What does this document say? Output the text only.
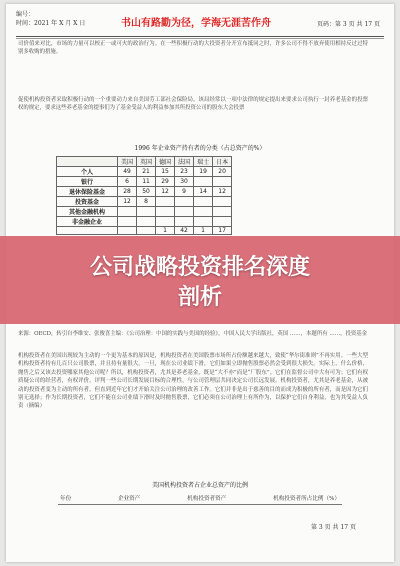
编号：
时间：2021 年 X 月 X 日	书山有路勤为径，学海无涯苦作舟	页码：第 3 页 共 17 页
司价值来对比，市场的力量可以校正一或可火的政治行为。在一些积极行动的大投资者分开宣布抵同之时，许多公司不得不放弃使用相持反过过特别多收购的措施。
促使机构投资者采取积极行动的一个重要动力来自美国劳工部社会保险局。该局经常以一项中法律的规定提出来要求公司执行一封养老基金的投票权的规定，要求这些养老基金的提事们为了基金受益人的利益参加其所投资公司的股东大会投票
1996 年企业资产持有者的分类（占总资产的%）
	美国	英国	德国	法国	瑞士	日本
个人	49	21	15	23	19	20
银行	6	11	29	30		
退休保险基金	28	50	12	9	14	12
投资基金	12	8				
其他金融机构						
非金融企业						
			1	42	1	17
公司战略投资排名深度
剖析
来源：OECD，转引自李维安、张俊喜主编：《公司治理：中国的实践与美国的经验》，中国人民大学出版社，英国 ……，本题所有 ……，投资基金
机构投资者在美国出现较为主动的一个更为基本的原因是，机构投资者在美国股票市场所占份额越来越大，致使“华尔街准则”不再实用。一些大型机构投资者持有几百只公司股票，并且持有量很大。一旦，现在公司业绩下滑，它们如果立即抛售股票必然会受到很大损失。实际上，什么价格，抛售之后又该去投资哪家其他公司呢？所以，机构投资者，尤其是养老基金，既是“大不亦”而是“厂股东”。它们在监督公司中大有可为；它们有权质疑公司的经营者，有权评价，评判一些公司长期发展目标的合理性，与公司管理层共同决定公司长远发展。机构投资者，尤其是养老基金，从被动的投资者变为主动的所有者，但直到近年它们才开始关注公司治理的改善工作。它们并非是出于慈善的目的而成为积极的所有者，而是因为它们别无选择；作为长期投资者，它们不能在公司业绩下滑时及时抛售股票，它们必须在公司治理上有所作为，以保护它们自身利益，也为其受益人负责（摘编）
美国机构投资者占企业总资产的比例
年份	企业资产	机构投资者资产	机构投资者所占比例（%）
第 3 页 共 17 页
